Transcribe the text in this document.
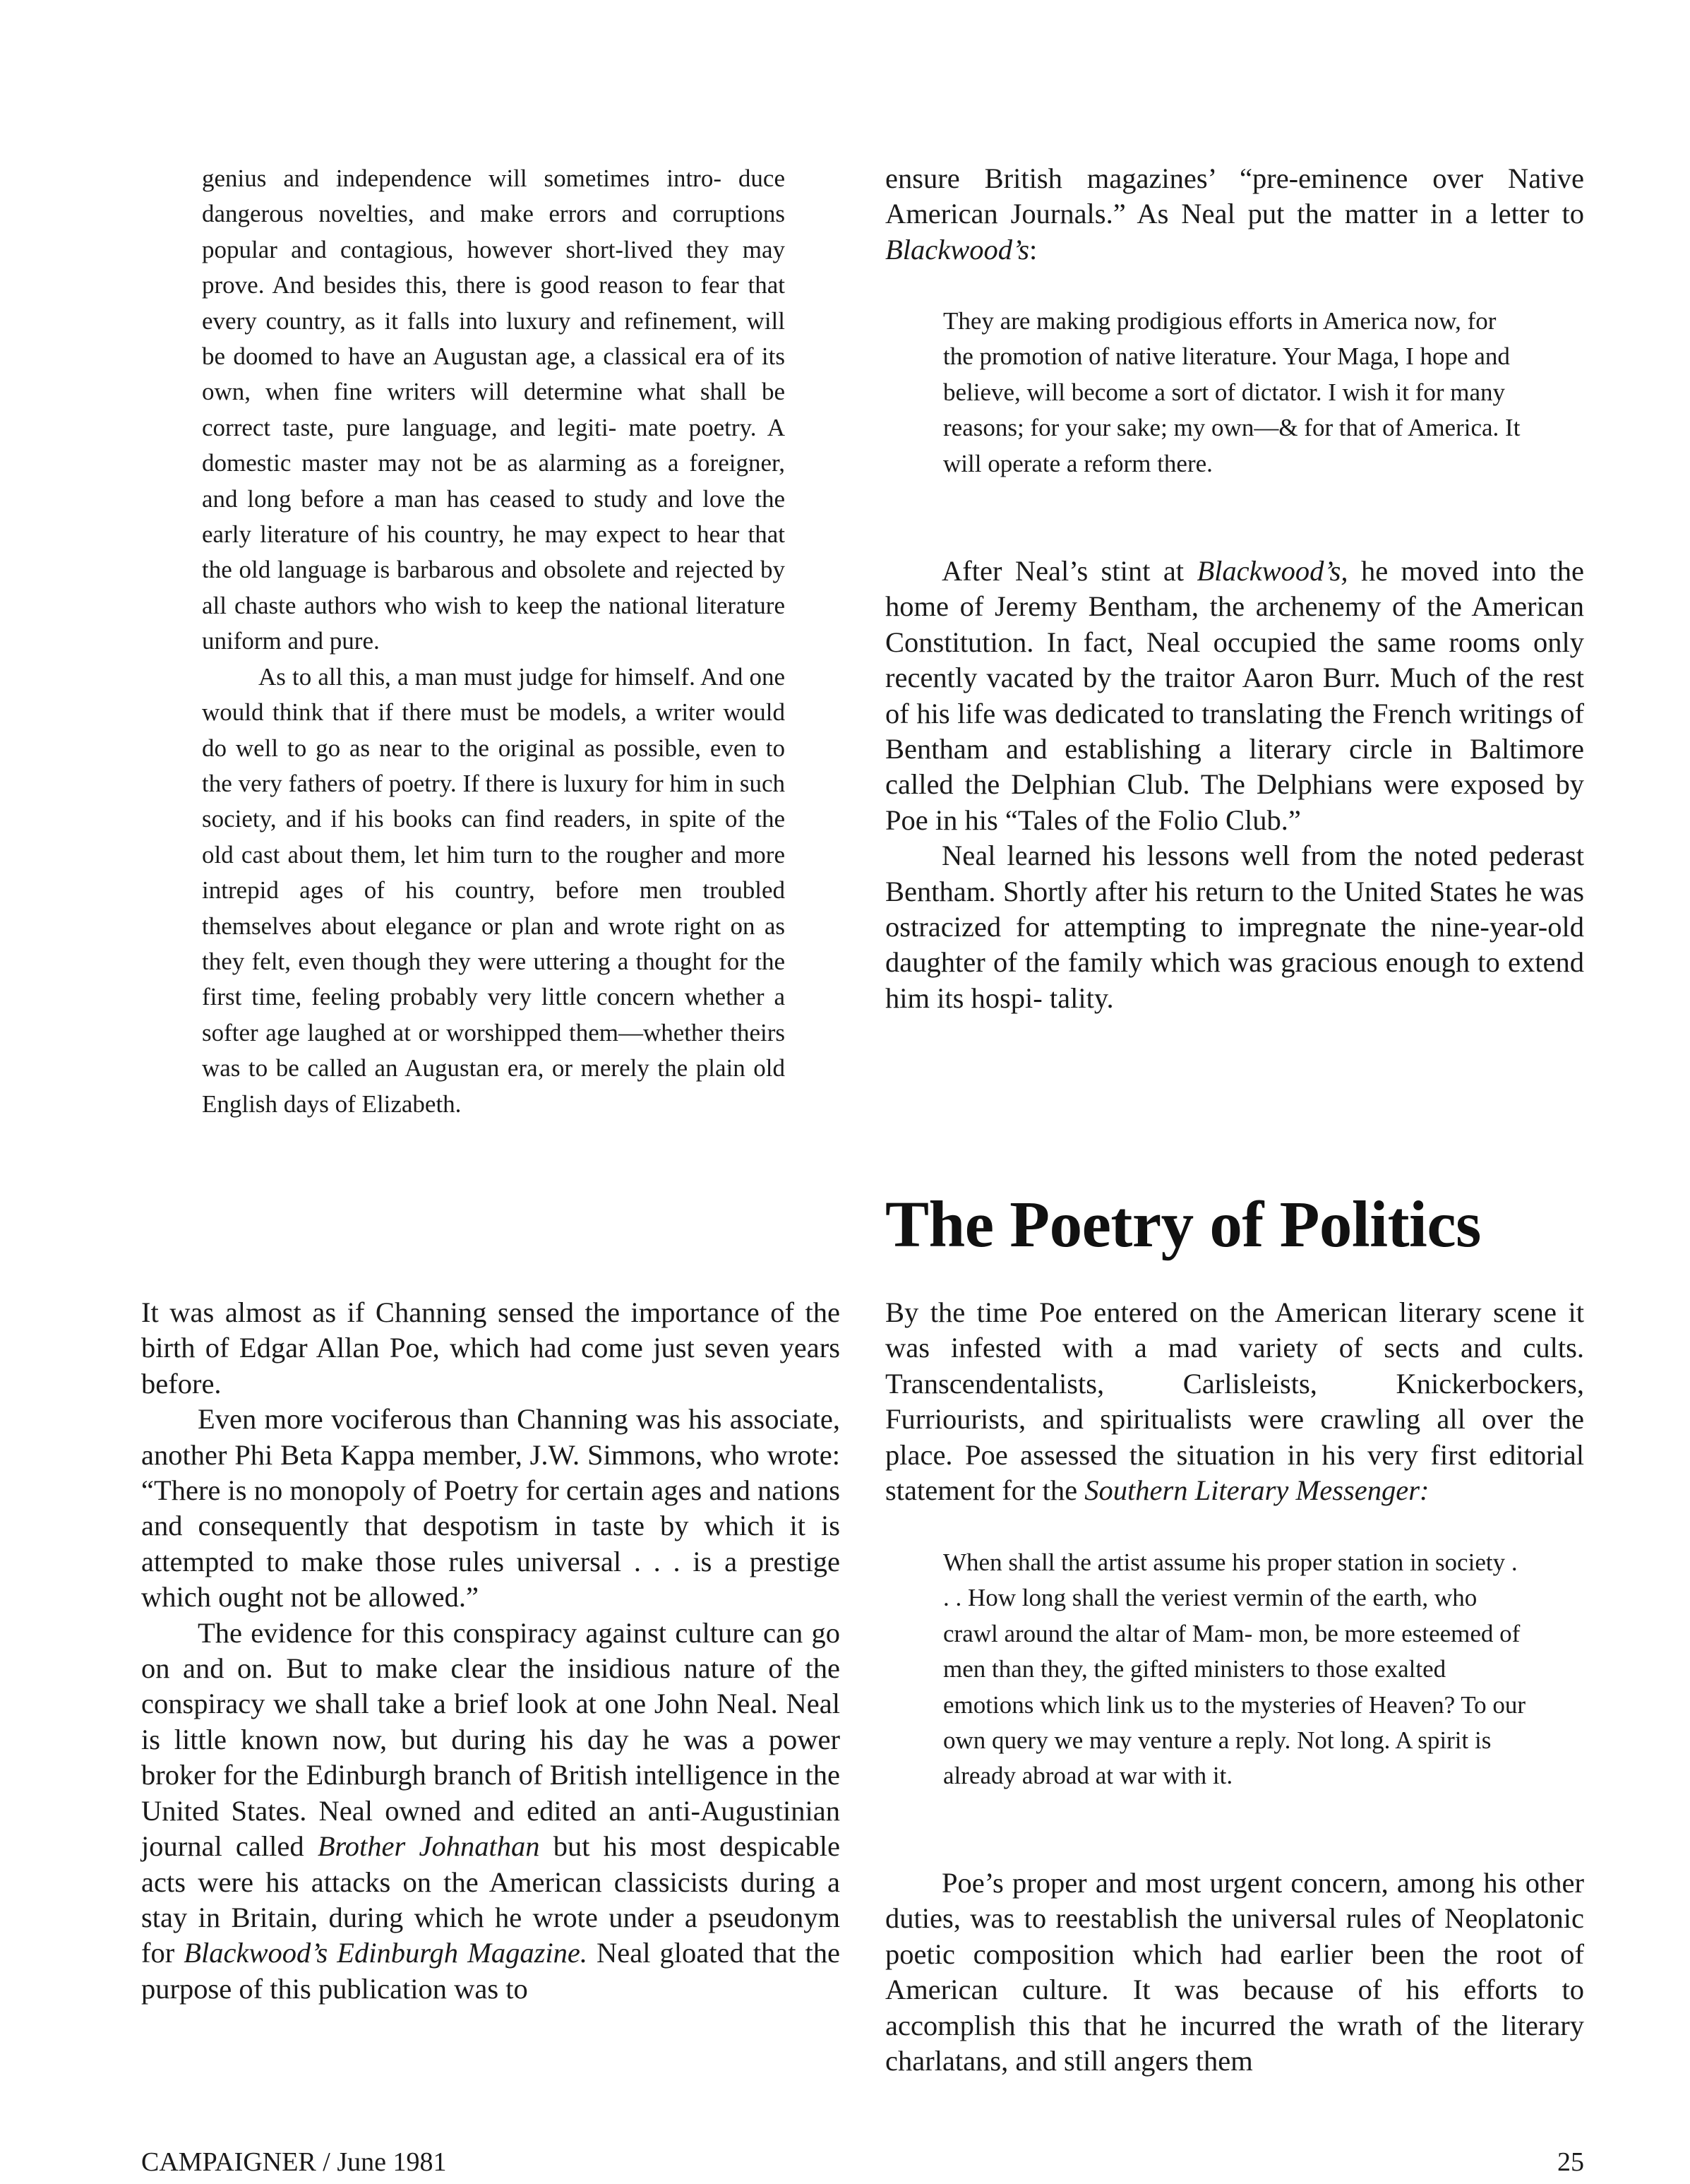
genius and independence will sometimes intro- duce dangerous novelties, and make errors and corruptions popular and contagious, however short-lived they may prove. And besides this, there is good reason to fear that every country, as it falls into luxury and refinement, will be doomed to have an Augustan age, a classical era of its own, when fine writers will determine what shall be correct taste, pure language, and legiti- mate poetry. A domestic master may not be as alarming as a foreigner, and long before a man has ceased to study and love the early literature of his country, he may expect to hear that the old language is barbarous and obsolete and rejected by all chaste authors who wish to keep the national literature uniform and pure.

As to all this, a man must judge for himself. And one would think that if there must be models, a writer would do well to go as near to the original as possible, even to the very fathers of poetry. If there is luxury for him in such society, and if his books can find readers, in spite of the old cast about them, let him turn to the rougher and more intrepid ages of his country, before men troubled themselves about elegance or plan and wrote right on as they felt, even though they were uttering a thought for the first time, feeling probably very little concern whether a softer age laughed at or worshipped them—whether theirs was to be called an Augustan era, or merely the plain old English days of Elizabeth.

It was almost as if Channing sensed the importance of the birth of Edgar Allan Poe, which had come just seven years before.

Even more vociferous than Channing was his associate, another Phi Beta Kappa member, J.W. Simmons, who wrote: “There is no monopoly of Poetry for certain ages and nations and consequently that despotism in taste by which it is attempted to make those rules universal . . . is a prestige which ought not be allowed.”

The evidence for this conspiracy against culture can go on and on. But to make clear the insidious nature of the conspiracy we shall take a brief look at one John Neal. Neal is little known now, but during his day he was a power broker for the Edinburgh branch of British intelligence in the United States. Neal owned and edited an anti-Augustinian journal called Brother Johnathan but his most despicable acts were his attacks on the American classicists during a stay in Britain, during which he wrote under a pseudonym for Blackwood’s Edinburgh Magazine. Neal gloated that the purpose of this publication was to

ensure British magazines’ “pre-eminence over Native American Journals.” As Neal put the matter in a letter to Blackwood’s:

They are making prodigious efforts in America now, for the promotion of native literature. Your Maga, I hope and believe, will become a sort of dictator. I wish it for many reasons; for your sake; my own—& for that of America. It will operate a reform there.

After Neal’s stint at Blackwood’s, he moved into the home of Jeremy Bentham, the archenemy of the American Constitution. In fact, Neal occupied the same rooms only recently vacated by the traitor Aaron Burr. Much of the rest of his life was dedicated to translating the French writings of Bentham and establishing a literary circle in Baltimore called the Delphian Club. The Delphians were exposed by Poe in his “Tales of the Folio Club.”

Neal learned his lessons well from the noted pederast Bentham. Shortly after his return to the United States he was ostracized for attempting to impregnate the nine-year-old daughter of the family which was gracious enough to extend him its hospi- tality.

The Poetry of Politics

By the time Poe entered on the American literary scene it was infested with a mad variety of sects and cults. Transcendentalists, Carlisleists, Knickerbockers, Furriourists, and spiritualists were crawling all over the place. Poe assessed the situation in his very first editorial statement for the Southern Literary Messenger:

When shall the artist assume his proper station in society . . . How long shall the veriest vermin of the earth, who crawl around the altar of Mam- mon, be more esteemed of men than they, the gifted ministers to those exalted emotions which link us to the mysteries of Heaven? To our own query we may venture a reply. Not long. A spirit is already abroad at war with it.

Poe’s proper and most urgent concern, among his other duties, was to reestablish the universal rules of Neoplatonic poetic composition which had earlier been the root of American culture. It was because of his efforts to accomplish this that he incurred the wrath of the literary charlatans, and still angers them

CAMPAIGNER / June 1981	25
